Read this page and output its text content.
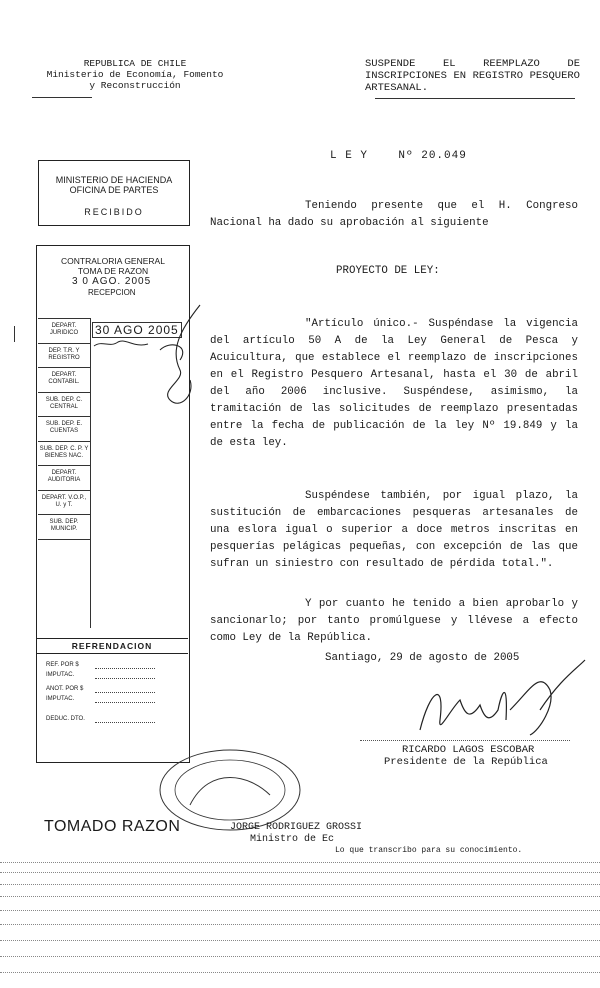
REPUBLICA DE CHILE
Ministerio de Economía, Fomento
y Reconstrucción
SUSPENDE EL REEMPLAZO DE INSCRIPCIONES EN REGISTRO PESQUERO ARTESANAL.
L E Y	Nº 20.049
Teniendo presente que el H. Congreso Nacional ha dado su aprobación al siguiente
PROYECTO DE LEY:
"Artículo único.- Suspéndase la vigencia del artículo 50 A de la Ley General de Pesca y Acuicultura, que establece el reemplazo de inscripciones en el Registro Pesquero Artesanal, hasta el 30 de abril del año 2006 inclusive. Suspéndese, asimismo, la tramitación de las solicitudes de reemplazo presentadas entre la fecha de publicación de la ley Nº 19.849 y la de esta ley.
Suspéndese también, por igual plazo, la sustitución de embarcaciones pesqueras artesanales de una eslora igual o superior a doce metros inscritas en pesquerías pelágicas pequeñas, con excepción de las que sufran un siniestro con resultado de pérdida total.".
Y por cuanto he tenido a bien aprobarlo y sancionarlo; por tanto promúlguese y llévese a efecto como Ley de la República.
Santiago, 29 de agosto de 2005
RICARDO LAGOS ESCOBAR
Presidente de la República
MINISTERIO DE HACIENDA
OFICINA DE PARTES
RECIBIDO
CONTRALORIA GENERAL
TOMA DE RAZON
3 0 AGO. 2005
RECEPCION
30 AGO 2005
DEPART. JURIDICO
DEP. T.R. Y REGISTRO
DEPART. CONTABIL.
SUB. DEP. C. CENTRAL
SUB. DEP. E. CUENTAS
SUB. DEP. C. P. Y BIENES NAC.
DEPART. AUDITORIA
DEPART. V.O.P., U. y T.
SUB. DEP. MUNICIP.
REFRENDACION
REF. POR $
IMPUTAC.
ANOT. POR $
IMPUTAC.
DEDUC. DTO.
TOMADO RAZON	JORGE RODRIGUEZ GROSSI
Ministro de Ec
Lo que transcribo para su conocimiento.
